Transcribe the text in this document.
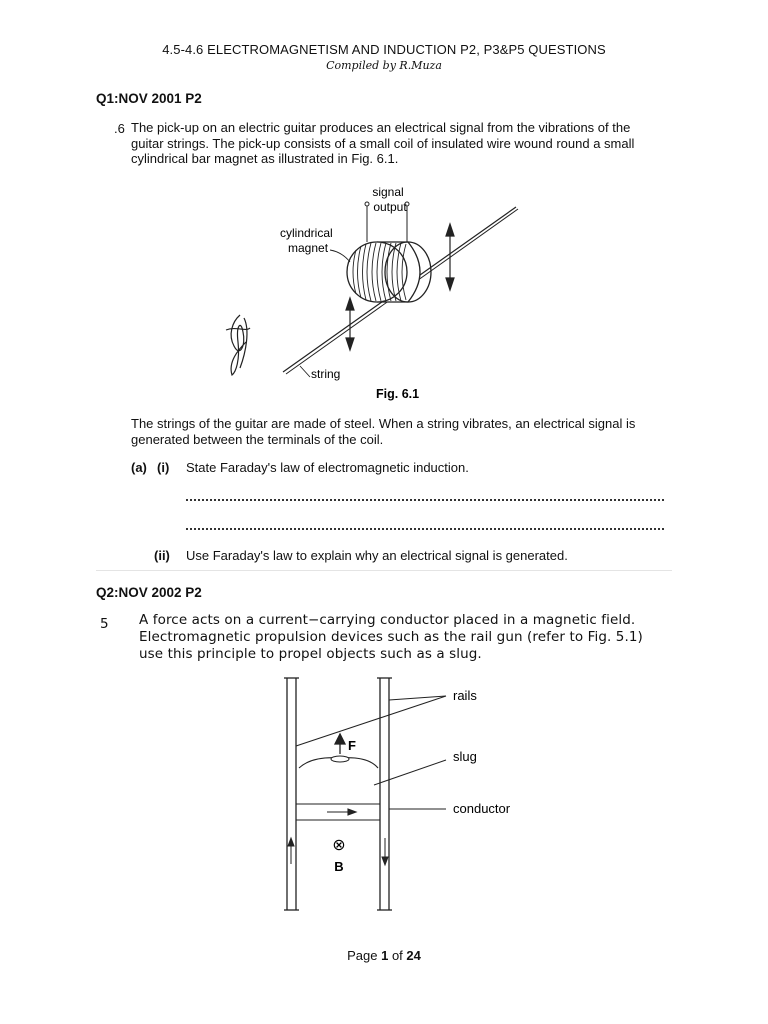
4.5-4.6 ELECTROMAGNETISM AND INDUCTION P2, P3&P5 QUESTIONS
Compiled by R.Muza
Q1:NOV 2001 P2
.6 The pick-up on an electric guitar produces an electrical signal from the vibrations of the
guitar strings. The pick-up consists of a small coil of insulated wire wound round a small
cylindrical bar magnet as illustrated in Fig. 6.1.
signal
output
cylindrical
magnet
string
Fig. 6.1
The strings of the guitar are made of steel. When a string vibrates, an electrical signal is
generated between the terminals of the coil.
(a) (i) State Faraday's law of electromagnetic induction.
(ii) Use Faraday's law to explain why an electrical signal is generated.
Q2:NOV 2002 P2
5 A force acts on a current−carrying conductor placed in a magnetic field.
Electromagnetic propulsion devices such as the rail gun (refer to Fig. 5.1)
use this principle to propel objects such as a slug.
F
⊗
B
rails
slug
conductor
Page 1 of 24
